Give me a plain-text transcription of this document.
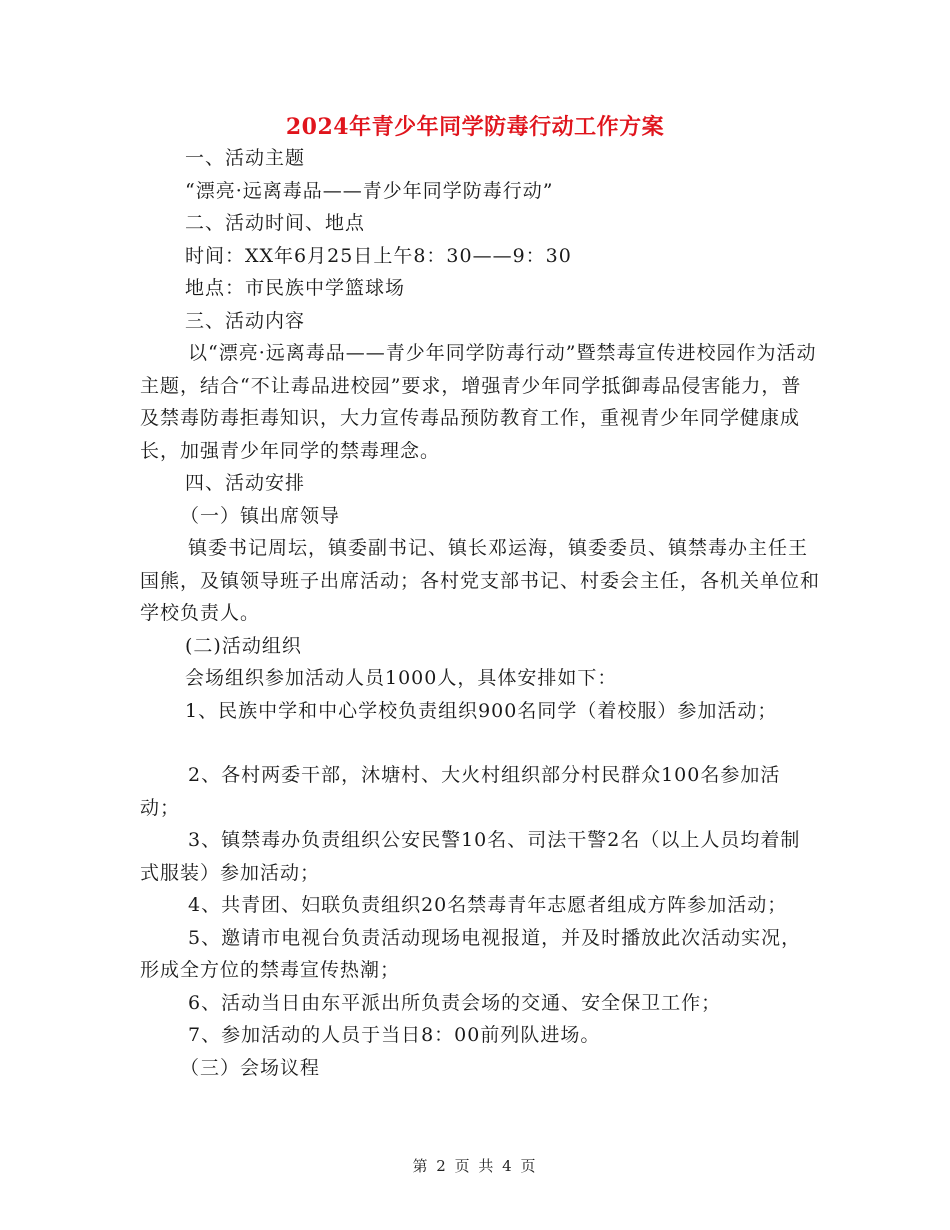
2024年青少年同学防毒行动工作方案

一、活动主题

“漂亮·远离毒品——青少年同学防毒行动”

二、活动时间、地点

时间：XX年6月25日上午8：30——9：30

地点：市民族中学篮球场

三、活动内容

以“漂亮·远离毒品——青少年同学防毒行动”暨禁毒宣传进校园作为活动主题，结合“不让毒品进校园”要求，增强青少年同学抵御毒品侵害能力，普及禁毒防毒拒毒知识，大力宣传毒品预防教育工作，重视青少年同学健康成长，加强青少年同学的禁毒理念。

四、活动安排

（一）镇出席领导

镇委书记周坛，镇委副书记、镇长邓运海，镇委委员、镇禁毒办主任王国熊，及镇领导班子出席活动；各村党支部书记、村委会主任，各机关单位和学校负责人。

(二)活动组织

会场组织参加活动人员1000人，具体安排如下：

1、民族中学和中心学校负责组织900名同学（着校服）参加活动；

2、各村两委干部，沐塘村、大火村组织部分村民群众100名参加活动；

3、镇禁毒办负责组织公安民警10名、司法干警2名（以上人员均着制式服装）参加活动；

4、共青团、妇联负责组织20名禁毒青年志愿者组成方阵参加活动；

5、邀请市电视台负责活动现场电视报道，并及时播放此次活动实况，形成全方位的禁毒宣传热潮；

6、活动当日由东平派出所负责会场的交通、安全保卫工作；

7、参加活动的人员于当日8：00前列队进场。

（三）会场议程

第 2 页 共 4 页
